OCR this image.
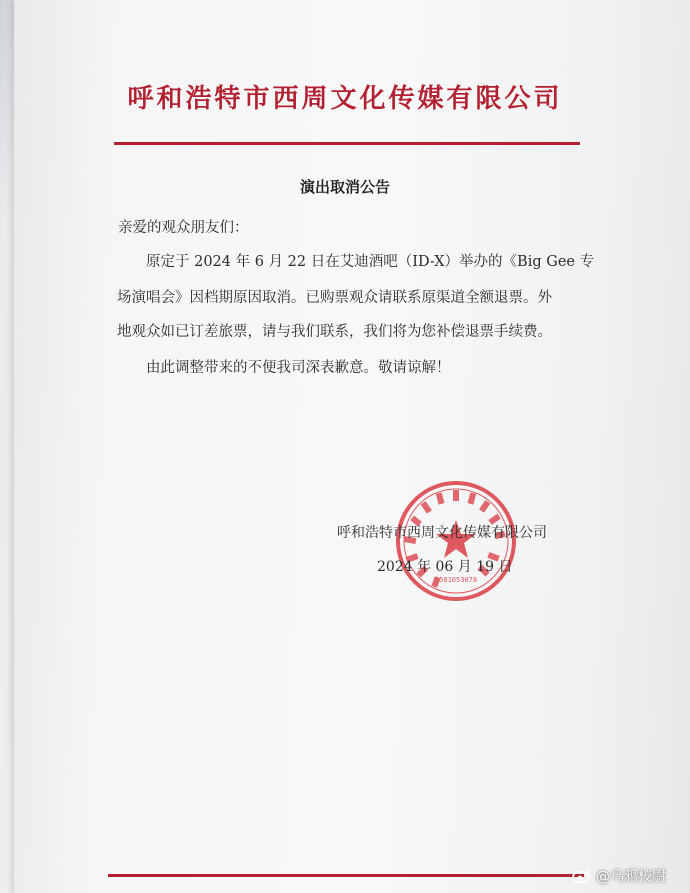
呼和浩特市西周文化传媒有限公司
演出取消公告
亲爱的观众朋友们：
原定于 2024 年 6 月 22 日在艾迪酒吧（ID-X）举办的《Big Gee 专
场演唱会》因档期原因取消。已购票观众请联系原渠道全额退票。外
地观众如已订差旅票，请与我们联系，我们将为您补偿退票手续费。
由此调整带来的不便我司深表歉意。敬请谅解！
1501053078
呼和浩特市西周文化传媒有限公司
2024 年 06 月 19 日
@乌鸦校尉
